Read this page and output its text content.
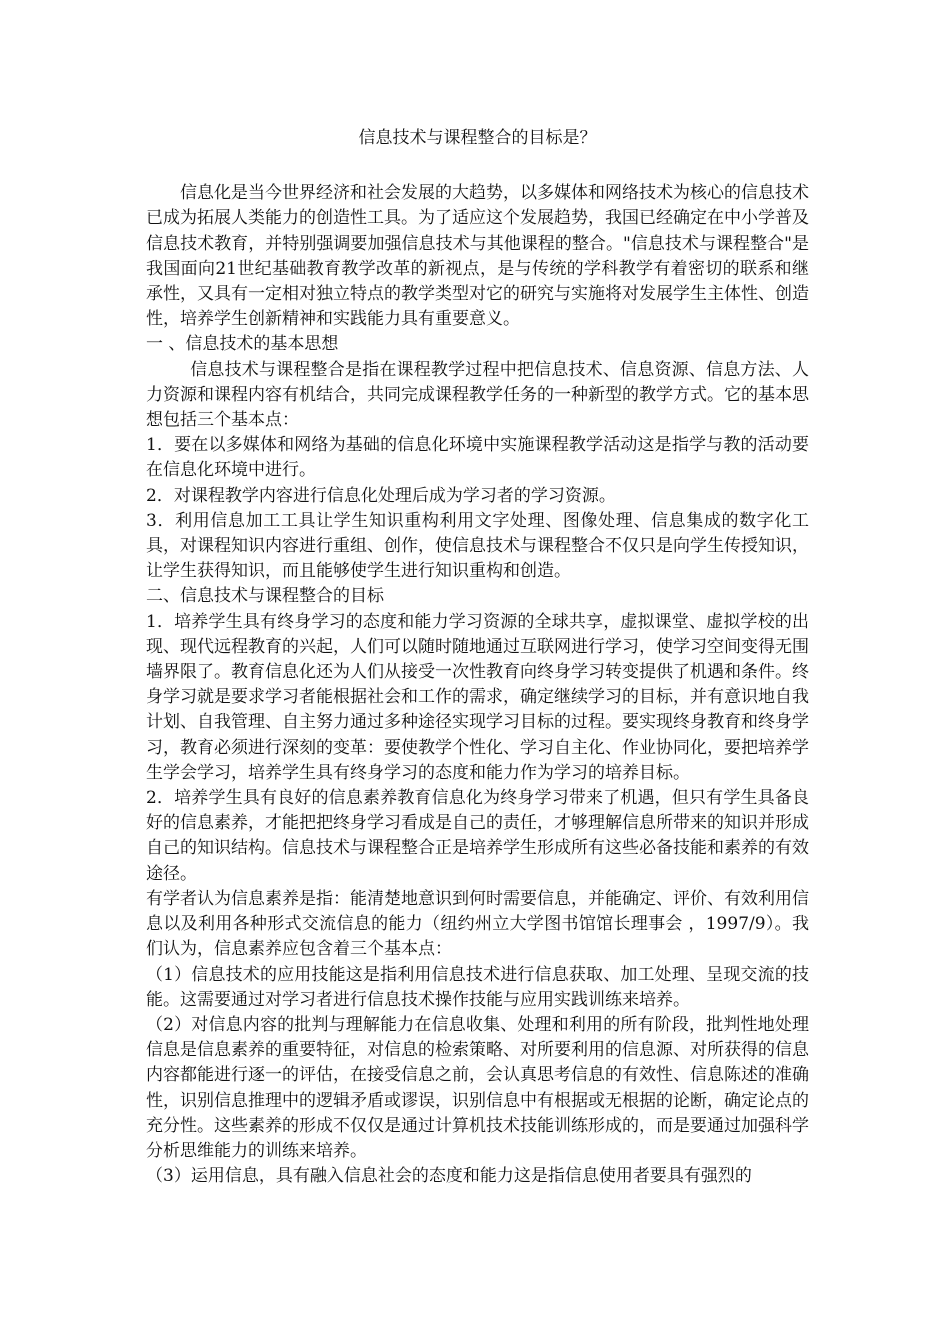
信息技术与课程整合的目标是？

信息化是当今世界经济和社会发展的大趋势，以多媒体和网络技术为核心的信息技术已成为拓展人类能力的创造性工具。为了适应这个发展趋势，我国已经确定在中小学普及信息技术教育，并特别强调要加强信息技术与其他课程的整合。"信息技术与课程整合"是我国面向21世纪基础教育教学改革的新视点，是与传统的学科教学有着密切的联系和继承性，又具有一定相对独立特点的教学类型对它的研究与实施将对发展学生主体性、创造性，培养学生创新精神和实践能力具有重要意义。

一 、信息技术的基本思想

信息技术与课程整合是指在课程教学过程中把信息技术、信息资源、信息方法、人力资源和课程内容有机结合，共同完成课程教学任务的一种新型的教学方式。它的基本思想包括三个基本点：

1．要在以多媒体和网络为基础的信息化环境中实施课程教学活动这是指学与教的活动要在信息化环境中进行。

2．对课程教学内容进行信息化处理后成为学习者的学习资源。

3．利用信息加工工具让学生知识重构利用文字处理、图像处理、信息集成的数字化工具，对课程知识内容进行重组、创作，使信息技术与课程整合不仅只是向学生传授知识，让学生获得知识，而且能够使学生进行知识重构和创造。

二、信息技术与课程整合的目标

1．培养学生具有终身学习的态度和能力学习资源的全球共享，虚拟课堂、虚拟学校的出现、现代远程教育的兴起，人们可以随时随地通过互联网进行学习，使学习空间变得无围墙界限了。教育信息化还为人们从接受一次性教育向终身学习转变提供了机遇和条件。终身学习就是要求学习者能根据社会和工作的需求，确定继续学习的目标，并有意识地自我计划、自我管理、自主努力通过多种途径实现学习目标的过程。要实现终身教育和终身学习，教育必须进行深刻的变革：要使教学个性化、学习自主化、作业协同化，要把培养学生学会学习，培养学生具有终身学习的态度和能力作为学习的培养目标。

2．培养学生具有良好的信息素养教育信息化为终身学习带来了机遇，但只有学生具备良好的信息素养，才能把把终身学习看成是自己的责任，才够理解信息所带来的知识并形成自己的知识结构。信息技术与课程整合正是培养学生形成所有这些必备技能和素养的有效途径。

有学者认为信息素养是指：能清楚地意识到何时需要信息，并能确定、评价、有效利用信息以及利用各种形式交流信息的能力（纽约州立大学图书馆馆长理事会 ，1997/9）。我们认为，信息素养应包含着三个基本点：

（1）信息技术的应用技能这是指利用信息技术进行信息获取、加工处理、呈现交流的技能。这需要通过对学习者进行信息技术操作技能与应用实践训练来培养。

（2）对信息内容的批判与理解能力在信息收集、处理和利用的所有阶段，批判性地处理信息是信息素养的重要特征，对信息的检索策略、对所要利用的信息源、对所获得的信息内容都能进行逐一的评估，在接受信息之前，会认真思考信息的有效性、信息陈述的准确性，识别信息推理中的逻辑矛盾或谬误，识别信息中有根据或无根据的论断，确定论点的充分性。这些素养的形成不仅仅是通过计算机技术技能训练形成的，而是要通过加强科学分析思维能力的训练来培养。

（3）运用信息，具有融入信息社会的态度和能力这是指信息使用者要具有强烈的
